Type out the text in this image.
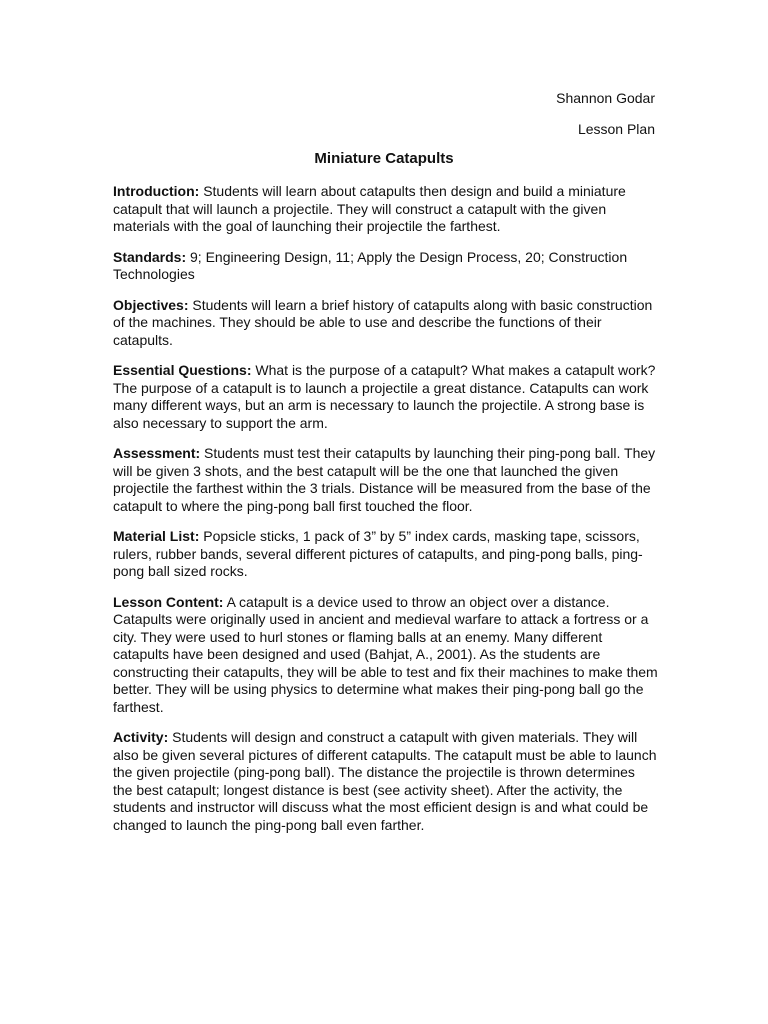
Shannon Godar
Lesson Plan
Miniature Catapults

Introduction: Students will learn about catapults then design and build a miniature catapult that will launch a projectile. They will construct a catapult with the given materials with the goal of launching their projectile the farthest.

Standards: 9; Engineering Design, 11; Apply the Design Process, 20; Construction Technologies

Objectives: Students will learn a brief history of catapults along with basic construction of the machines. They should be able to use and describe the functions of their catapults.

Essential Questions: What is the purpose of a catapult? What makes a catapult work? The purpose of a catapult is to launch a projectile a great distance. Catapults can work many different ways, but an arm is necessary to launch the projectile. A strong base is also necessary to support the arm.

Assessment: Students must test their catapults by launching their ping-pong ball. They will be given 3 shots, and the best catapult will be the one that launched the given projectile the farthest within the 3 trials. Distance will be measured from the base of the catapult to where the ping-pong ball first touched the floor.

Material List: Popsicle sticks, 1 pack of 3” by 5” index cards, masking tape, scissors, rulers, rubber bands, several different pictures of catapults, and ping-pong balls, ping-pong ball sized rocks.

Lesson Content: A catapult is a device used to throw an object over a distance. Catapults were originally used in ancient and medieval warfare to attack a fortress or a city. They were used to hurl stones or flaming balls at an enemy. Many different catapults have been designed and used (Bahjat, A., 2001). As the students are constructing their catapults, they will be able to test and fix their machines to make them better. They will be using physics to determine what makes their ping-pong ball go the farthest.

Activity: Students will design and construct a catapult with given materials. They will also be given several pictures of different catapults. The catapult must be able to launch the given projectile (ping-pong ball). The distance the projectile is thrown determines the best catapult; longest distance is best (see activity sheet). After the activity, the students and instructor will discuss what the most efficient design is and what could be changed to launch the ping-pong ball even farther.
